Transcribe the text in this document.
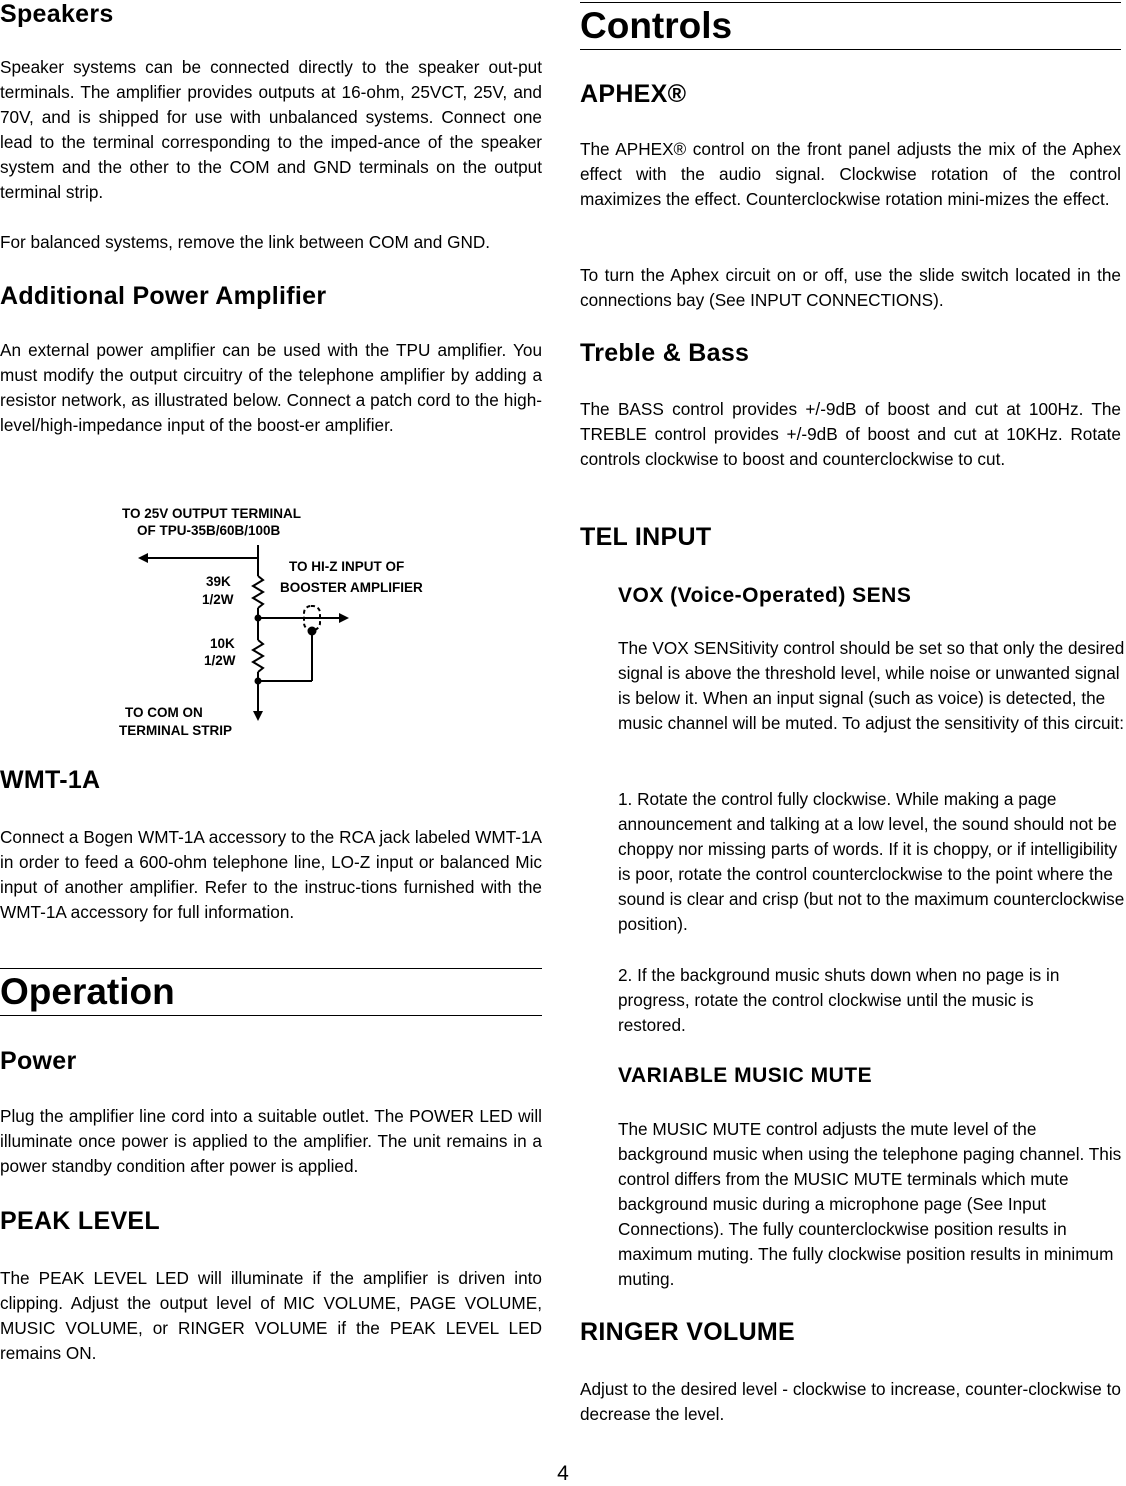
Speakers

Speaker systems can be connected directly to the speaker out-put terminals. The amplifier provides outputs at 16-ohm, 25VCT, 25V, and 70V, and is shipped for use with unbalanced systems. Connect one lead to the terminal corresponding to the imped-ance of the speaker system and the other to the COM and GND terminals on the output terminal strip.

For balanced systems, remove the link between COM and GND.

Additional Power Amplifier

An external power amplifier can be used with the TPU amplifier. You must modify the output circuitry of the telephone amplifier by adding a resistor network, as illustrated below. Connect a patch cord to the high-level/high-impedance input of the boost-er amplifier.

TO 25V OUTPUT TERMINAL
OF TPU-35B/60B/100B
TO HI-Z INPUT OF
BOOSTER AMPLIFIER
39K
1/2W
10K
1/2W
TO COM ON
TERMINAL STRIP
WMT-1A

Connect a Bogen WMT-1A accessory to the RCA jack labeled WMT-1A in order to feed a 600-ohm telephone line, LO-Z input or balanced Mic input of another amplifier. Refer to the instruc-tions furnished with the WMT-1A accessory for full information.

Operation
Power

Plug the amplifier line cord into a suitable outlet. The POWER LED will illuminate once power is applied to the amplifier. The unit remains in a power standby condition after power is applied.

PEAK LEVEL

The PEAK LEVEL LED will illuminate if the amplifier is driven into clipping. Adjust the output level of MIC VOLUME, PAGE VOLUME, MUSIC VOLUME, or RINGER VOLUME if the PEAK LEVEL LED remains ON.

Controls
APHEX®

The APHEX® control on the front panel adjusts the mix of the Aphex effect with the audio signal. Clockwise rotation of the control maximizes the effect. Counterclockwise rotation mini-mizes the effect.

To turn the Aphex circuit on or off, use the slide switch located in the connections bay (See INPUT CONNECTIONS).

Treble & Bass

The BASS control provides +/-9dB of boost and cut at 100Hz. The TREBLE control provides +/-9dB of boost and cut at 10KHz. Rotate controls clockwise to boost and counterclockwise to cut.

TEL INPUT
VOX (Voice-Operated) SENS

The VOX SENSitivity control should be set so that only the desired signal is above the threshold level, while noise or unwanted signal is below it. When an input signal (such as voice) is detected, the music channel will be muted. To adjust the sensitivity of this circuit:

1. Rotate the control fully clockwise. While making a page announcement and talking at a low level, the sound should not be choppy nor missing parts of words. If it is choppy, or if intelligibility is poor, rotate the control counterclockwise to the point where the sound is clear and crisp (but not to the maximum counterclockwise position).

2. If the background music shuts down when no page is in progress, rotate the control clockwise until the music is restored.

VARIABLE MUSIC MUTE

The MUSIC MUTE control adjusts the mute level of the background music when using the telephone paging channel. This control differs from the MUSIC MUTE terminals which mute background music during a microphone page (See Input Connections). The fully counterclockwise position results in maximum muting. The fully clockwise position results in minimum muting.

RINGER VOLUME

Adjust to the desired level - clockwise to increase, counter-clockwise to decrease the level.

4
